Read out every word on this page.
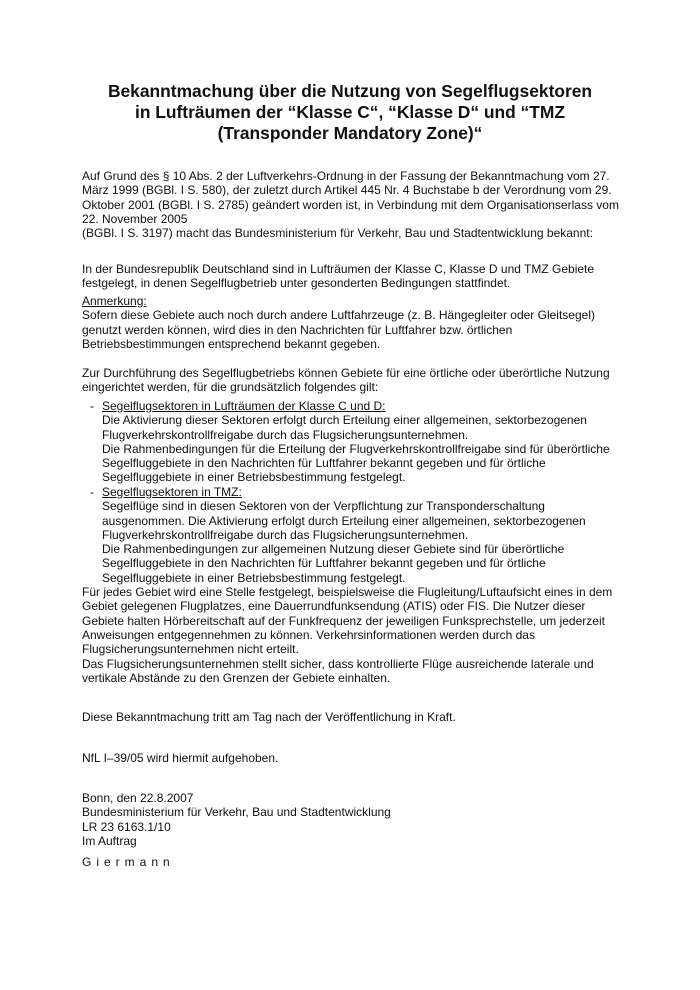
Bekanntmachung über die Nutzung von Segelflugsektoren in Lufträumen der “Klasse C“, “Klasse D“ und “TMZ (Transponder Mandatory Zone)“

Auf Grund des § 10 Abs. 2 der Luftverkehrs-Ordnung in der Fassung der Bekanntmachung vom 27. März 1999 (BGBl. I S. 580), der zuletzt durch Artikel 445 Nr. 4 Buchstabe b der Verordnung vom 29. Oktober 2001 (BGBl. I S. 2785) geändert worden ist, in Verbindung mit dem Organisationserlass vom 22. November 2005

(BGBl. I S. 3197) macht das Bundesministerium für Verkehr, Bau und Stadtentwicklung bekannt:

In der Bundesrepublik Deutschland sind in Lufträumen der Klasse C, Klasse D und TMZ Gebiete festgelegt, in denen Segelflugbetrieb unter gesonderten Bedingungen stattfindet.

Anmerkung:

Sofern diese Gebiete auch noch durch andere Luftfahrzeuge (z. B. Hängegleiter oder Gleitsegel) genutzt werden können, wird dies in den Nachrichten für Luftfahrer bzw. örtlichen Betriebsbestimmungen entsprechend bekannt gegeben.

Zur Durchführung des Segelflugbetriebs können Gebiete für eine örtliche oder überörtliche Nutzung eingerichtet werden, für die grundsätzlich folgendes gilt:

- Segelflugsektoren in Lufträumen der Klasse C und D:
Die Aktivierung dieser Sektoren erfolgt durch Erteilung einer allgemeinen, sektorbezogenen Flugverkehrskontrollfreigabe durch das Flugsicherungsunternehmen.
Die Rahmenbedingungen für die Erteilung der Flugverkehrskontrollfreigabe sind für überörtliche Segelfluggebiete in den Nachrichten für Luftfahrer bekannt gegeben und für örtliche Segelfluggebiete in einer Betriebsbestimmung festgelegt.
- Segelflugsektoren in TMZ:
Segelflüge sind in diesen Sektoren von der Verpflichtung zur Transponderschaltung ausgenommen. Die Aktivierung erfolgt durch Erteilung einer allgemeinen, sektorbezogenen Flugverkehrskontrollfreigabe durch das Flugsicherungsunternehmen.
Die Rahmenbedingungen zur allgemeinen Nutzung dieser Gebiete sind für überörtliche Segelfluggebiete in den Nachrichten für Luftfahrer bekannt gegeben und für örtliche Segelfluggebiete in einer Betriebsbestimmung festgelegt.

Für jedes Gebiet wird eine Stelle festgelegt, beispielsweise die Flugleitung/Luftaufsicht eines in dem Gebiet gelegenen Flugplatzes, eine Dauerrundfunksendung (ATIS) oder FIS. Die Nutzer dieser Gebiete halten Hörbereitschaft auf der Funkfrequenz der jeweiligen Funksprechstelle, um jederzeit Anweisungen entgegennehmen zu können. Verkehrsinformationen werden durch das Flugsicherungsunternehmen nicht erteilt.

Das Flugsicherungsunternehmen stellt sicher, dass kontrollierte Flüge ausreichende laterale und vertikale Abstände zu den Grenzen der Gebiete einhalten.

Diese Bekanntmachung tritt am Tag nach der Veröffentlichung in Kraft.

NfL I–39/05 wird hiermit aufgehoben.

Bonn, den 22.8.2007

Bundesministerium für Verkehr, Bau und Stadtentwicklung

LR 23 6163.1/10

Im Auftrag

Giermann
